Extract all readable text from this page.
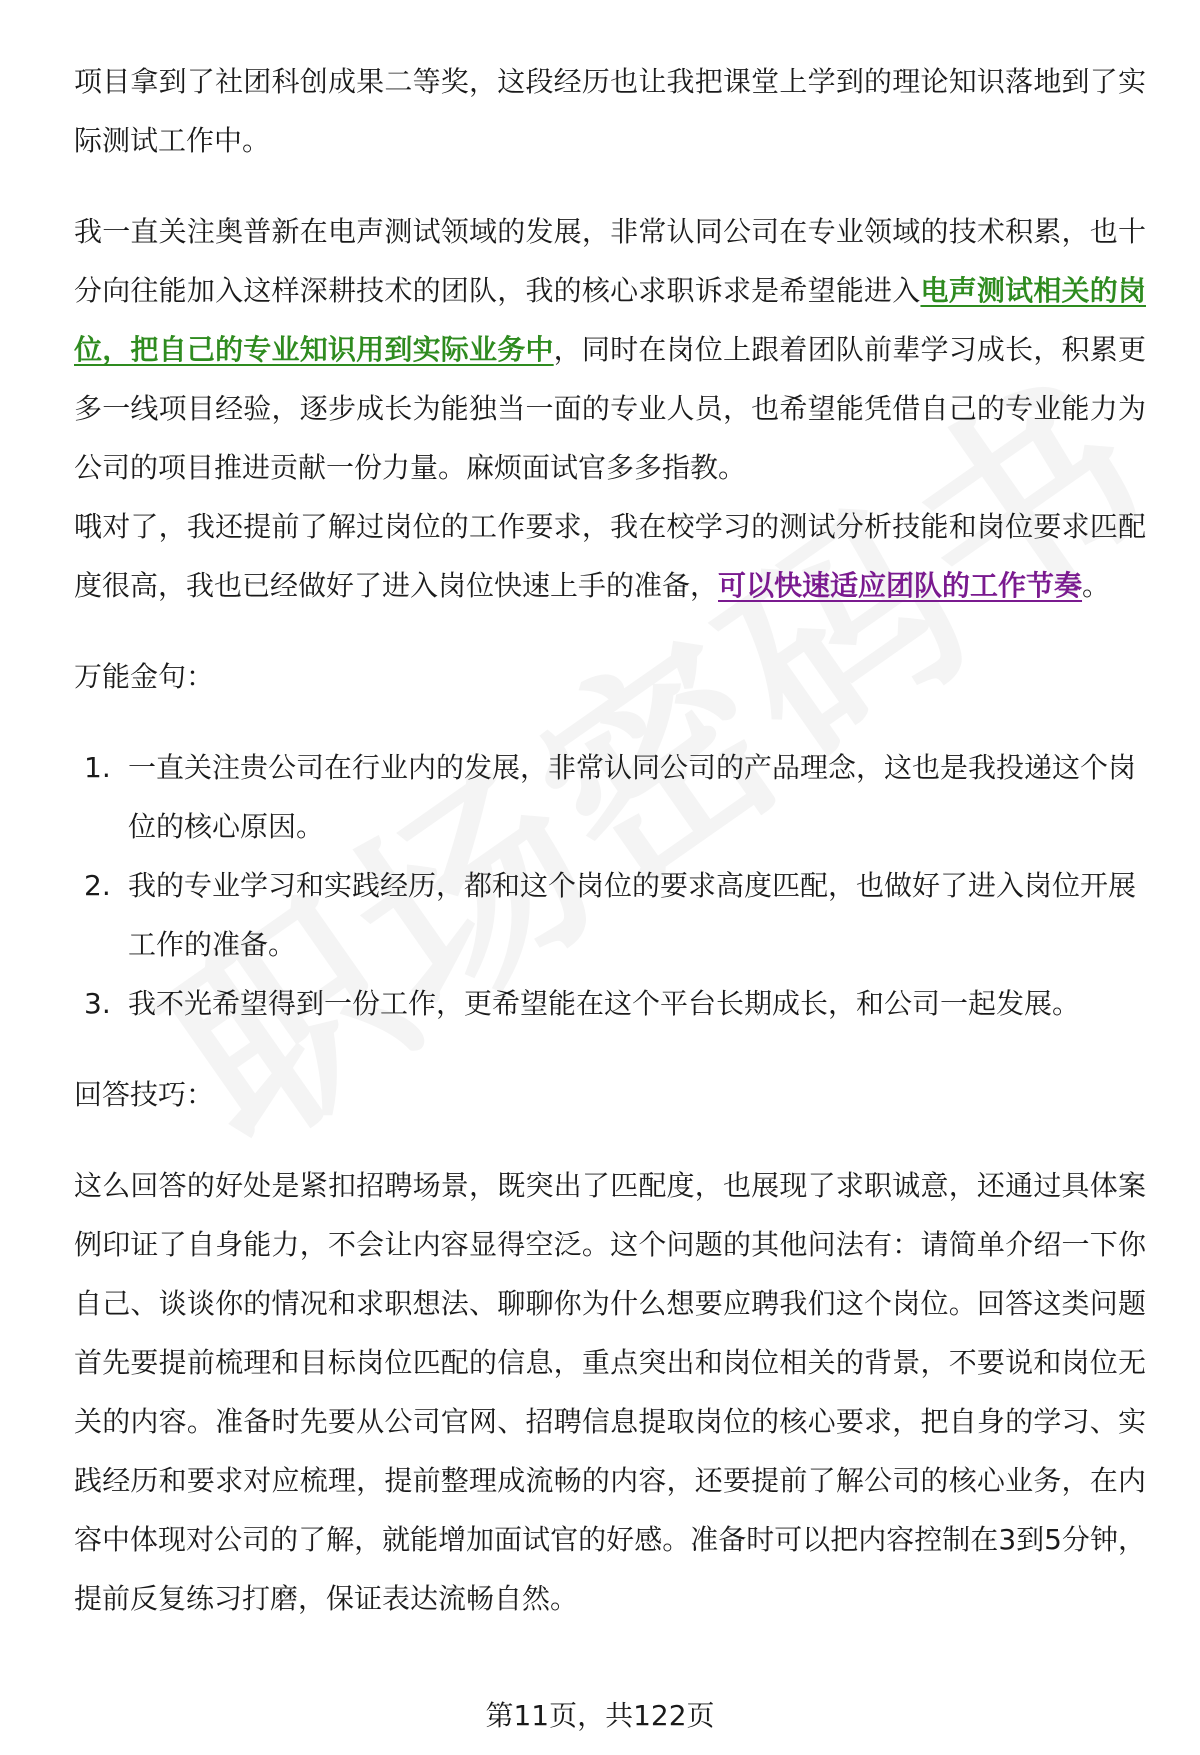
项目拿到了社团科创成果二等奖，这段经历也让我把课堂上学到的理论知识落地到了实际测试工作中。

我一直关注奥普新在电声测试领域的发展，非常认同公司在专业领域的技术积累，也十分向往能加入这样深耕技术的团队，我的核心求职诉求是希望能进入电声测试相关的岗位，把自己的专业知识用到实际业务中，同时在岗位上跟着团队前辈学习成长，积累更多一线项目经验，逐步成长为能独当一面的专业人员，也希望能凭借自己的专业能力为公司的项目推进贡献一份力量。麻烦面试官多多指教。

哦对了，我还提前了解过岗位的工作要求，我在校学习的测试分析技能和岗位要求匹配度很高，我也已经做好了进入岗位快速上手的准备，可以快速适应团队的工作节奏。

万能金句：

1. 一直关注贵公司在行业内的发展，非常认同公司的产品理念，这也是我投递这个岗位的核心原因。
2. 我的专业学习和实践经历，都和这个岗位的要求高度匹配，也做好了进入岗位开展工作的准备。
3. 我不光希望得到一份工作，更希望能在这个平台长期成长，和公司一起发展。

回答技巧：

这么回答的好处是紧扣招聘场景，既突出了匹配度，也展现了求职诚意，还通过具体案例印证了自身能力，不会让内容显得空泛。这个问题的其他问法有：请简单介绍一下你自己、谈谈你的情况和求职想法、聊聊你为什么想要应聘我们这个岗位。回答这类问题首先要提前梳理和目标岗位匹配的信息，重点突出和岗位相关的背景，不要说和岗位无关的内容。准备时先要从公司官网、招聘信息提取岗位的核心要求，把自身的学习、实践经历和要求对应梳理，提前整理成流畅的内容，还要提前了解公司的核心业务，在内容中体现对公司的了解，就能增加面试官的好感。准备时可以把内容控制在3到5分钟，提前反复练习打磨，保证表达流畅自然。

第11页，共122页
